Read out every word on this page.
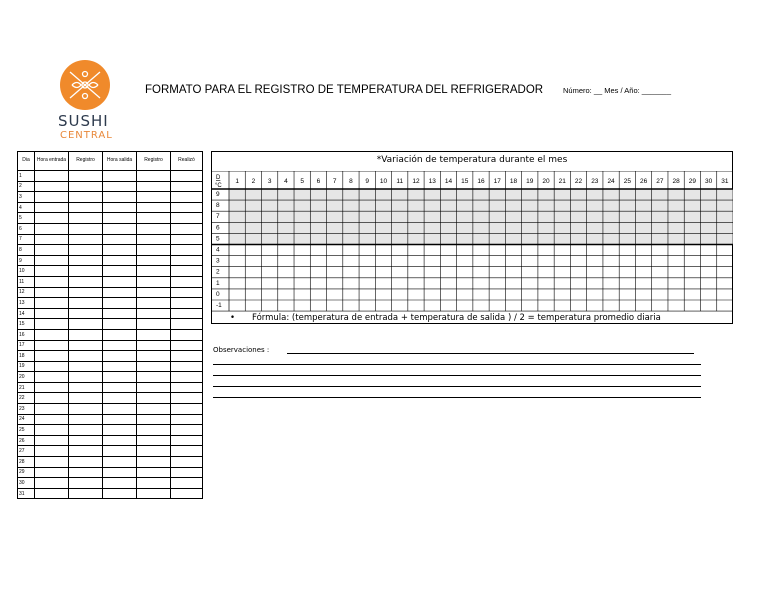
SUSHI
CENTRAL
FORMATO PARA EL REGISTRO DE TEMPERATURA DEL REFRIGERADOR	Número: __ Mes / Año: _______
Dia	Hora entrada	Registro	Hora salida	Registro	Realizó
1					
2					
3					
4					
5					
6					
7					
8					
9					
10					
11					
12					
13					
14					
15					
16					
17					
18					
19					
20					
21					
22					
23					
24					
25					
26					
27					
28					
29					
30					
31					
*Variación de temperatura durante el mes
D
°C
1 2 3 4 5 6 7 8 9 10 11 12 13 14 15 16 17 18 19 20 21 22 23 24 25 26 27 28 29 30 31
9
8
7
6
5
4
3
2
1
0
-1
• Fórmula: (temperatura de entrada + temperatura de salida ) / 2 = temperatura promedio diaria
Observaciones :
